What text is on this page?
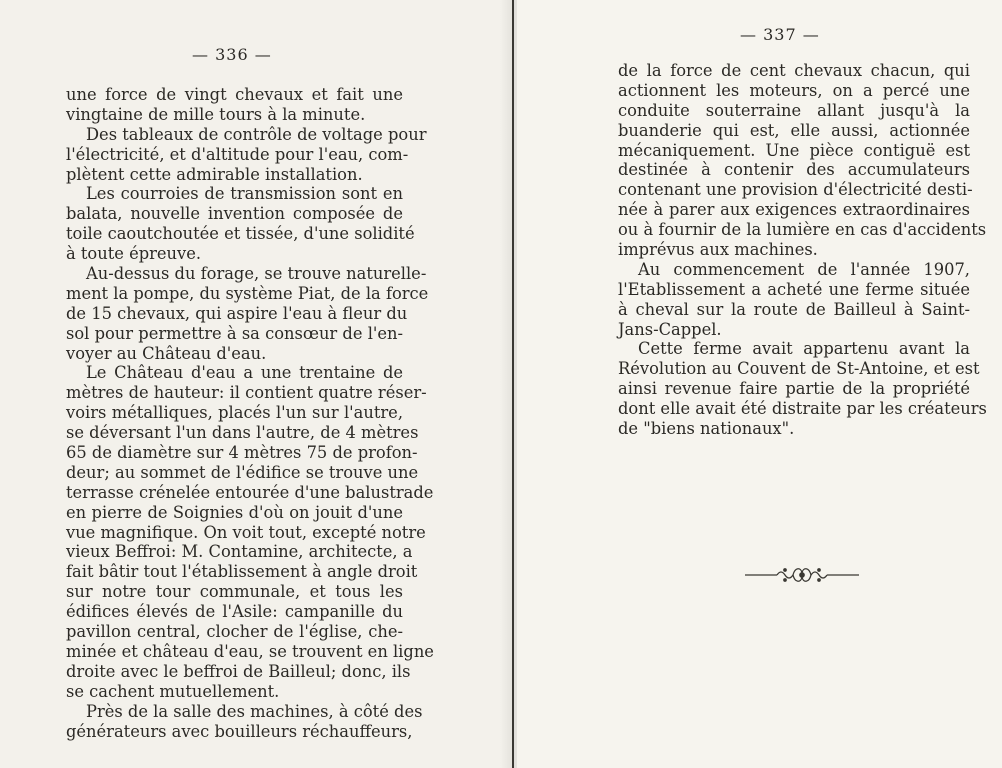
— 336 —
une force de vingt chevaux et fait une
vingtaine de mille tours à la minute.
Des tableaux de contrôle de voltage pour
l'électricité, et d'altitude pour l'eau, com-
plètent cette admirable installation.
Les courroies de transmission sont en
balata, nouvelle invention composée de
toile caoutchoutée et tissée, d'une solidité
à toute épreuve.
Au-dessus du forage, se trouve naturelle-
ment la pompe, du système Piat, de la force
de 15 chevaux, qui aspire l'eau à fleur du
sol pour permettre à sa consœur de l'en-
voyer au Château d'eau.
Le Château d'eau a une trentaine de
mètres de hauteur: il contient quatre réser-
voirs métalliques, placés l'un sur l'autre,
se déversant l'un dans l'autre, de 4 mètres
65 de diamètre sur 4 mètres 75 de profon-
deur; au sommet de l'édifice se trouve une
terrasse crénelée entourée d'une balustrade
en pierre de Soignies d'où on jouit d'une
vue magnifique. On voit tout, excepté notre
vieux Beffroi: M. Contamine, architecte, a
fait bâtir tout l'établissement à angle droit
sur notre tour communale, et tous les
édifices élevés de l'Asile: campanille du
pavillon central, clocher de l'église, che-
minée et château d'eau, se trouvent en ligne
droite avec le beffroi de Bailleul; donc, ils
se cachent mutuellement.
Près de la salle des machines, à côté des
générateurs avec bouilleurs réchauffeurs,
— 337 —
de la force de cent chevaux chacun, qui
actionnent les moteurs, on a percé une
conduite souterraine allant jusqu'à la
buanderie qui est, elle aussi, actionnée
mécaniquement. Une pièce contiguë est
destinée à contenir des accumulateurs
contenant une provision d'électricité desti-
née à parer aux exigences extraordinaires
ou à fournir de la lumière en cas d'accidents
imprévus aux machines.
Au commencement de l'année 1907,
l'Etablissement a acheté une ferme située
à cheval sur la route de Bailleul à Saint-
Jans-Cappel.
Cette ferme avait appartenu avant la
Révolution au Couvent de St-Antoine, et est
ainsi revenue faire partie de la propriété
dont elle avait été distraite par les créateurs
de "biens nationaux".
